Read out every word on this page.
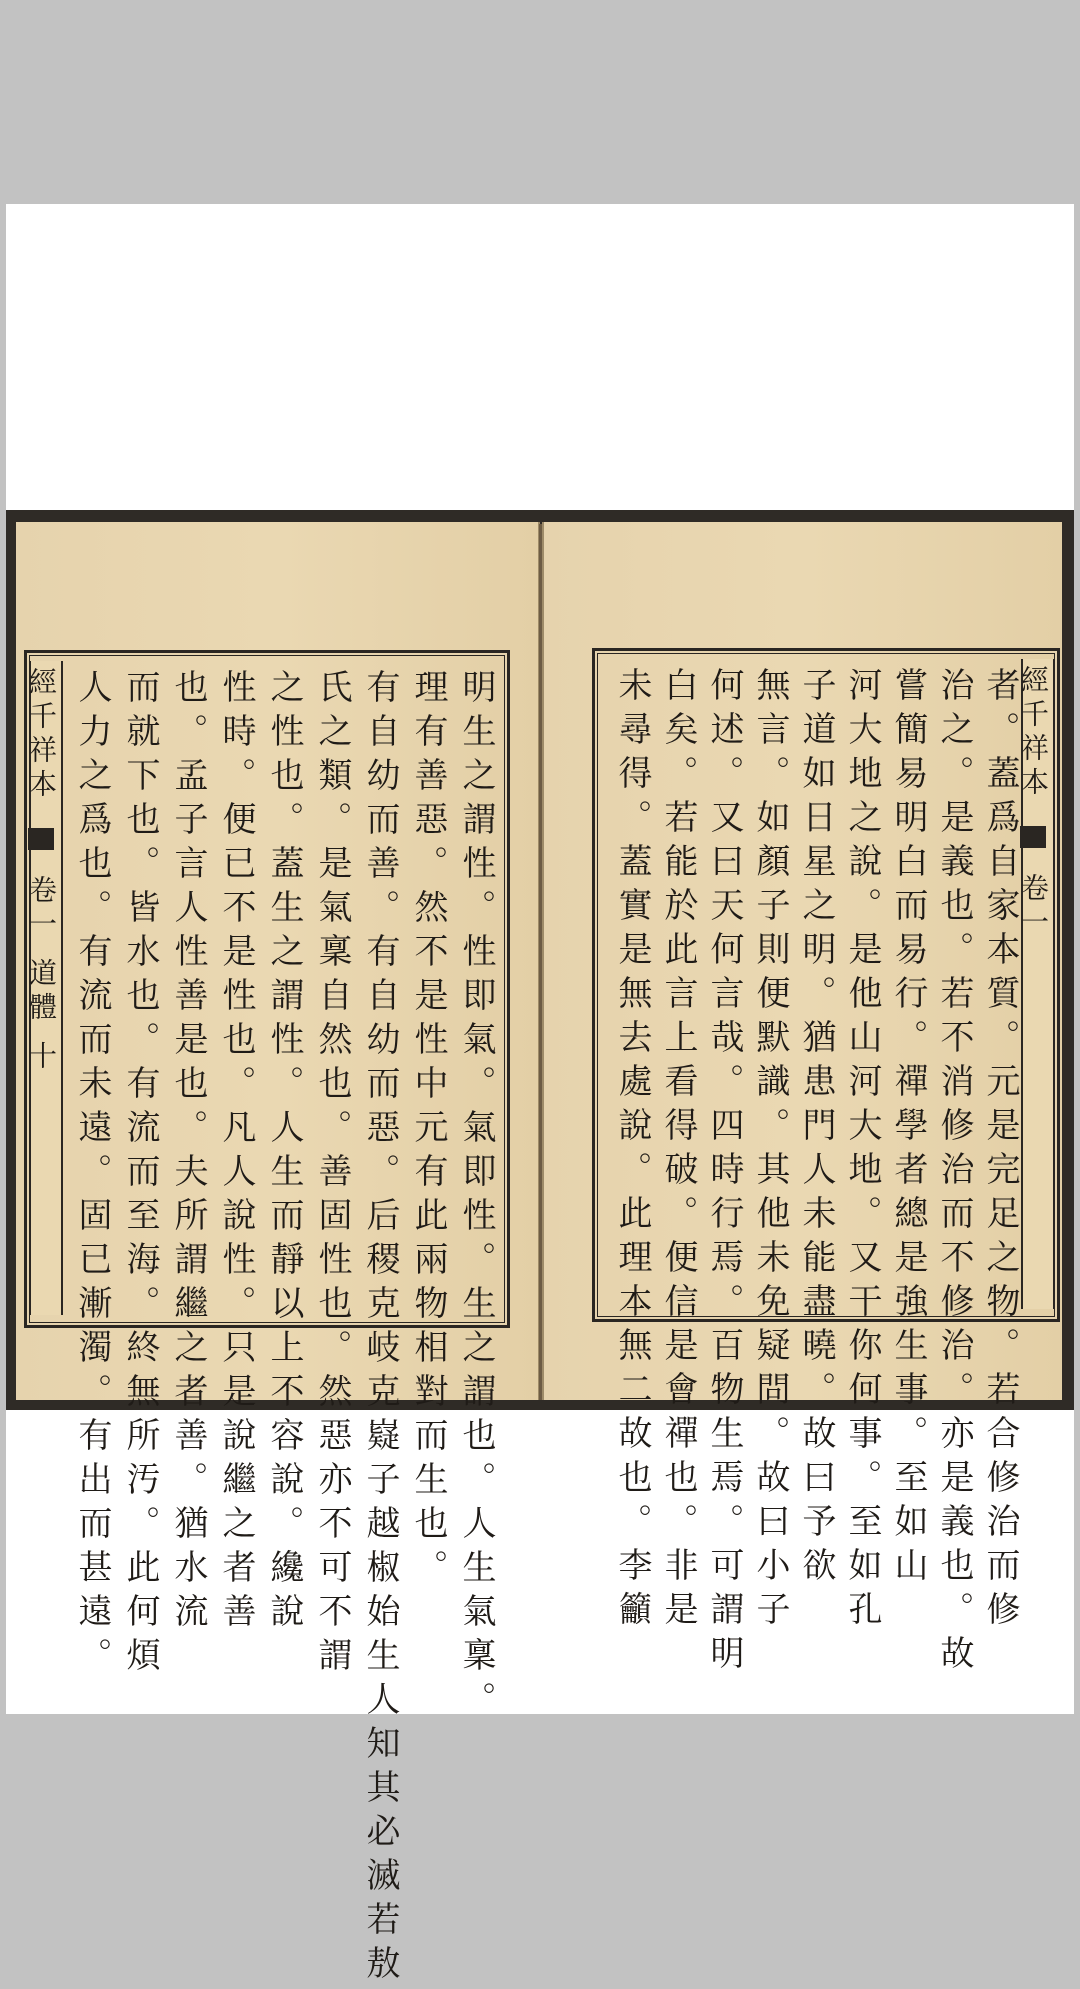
明生之謂性。性即氣。氣即性。生之謂也。人生氣稟。
理有善惡。然不是性中元有此兩物相對而生也。
有自幼而善。有自幼而惡。后稷克岐克嶷子越椒始生人知其必滅若敖
氏之類。是氣稟自然也。善固性也。然惡亦不可不謂
之性也。蓋生之謂性。人生而靜以上不容說。纔說
性時。便已不是性也。凡人說性。只是說繼之者善
也。孟子言人性善是也。夫所謂繼之者善。猶水流
而就下也。皆水也。有流而至海。終無所汚。此何煩
人力之爲也。有流而未遠。固已漸濁。有出而甚遠。
經千祥本  卷一 道體 十
經千祥本  卷一
者。蓋爲自家本質。元是完足之物。若合修治而修
治之。是義也。若不消修治而不修治。亦是義也。故
嘗簡易明白而易行。禪學者總是強生事。至如山
河大地之說。是他山河大地。又干你何事。至如孔
子道如日星之明。猶患門人未能盡曉。故曰予欲
無言。如顏子則便默識。其他未免疑問。故曰小子
何述。又曰天何言哉。四時行焉。百物生焉。可謂明
白矣。若能於此言上看得破。便信是會禪也。非是
未尋得。蓋實是無去處說。此理本無二故也。李籲
